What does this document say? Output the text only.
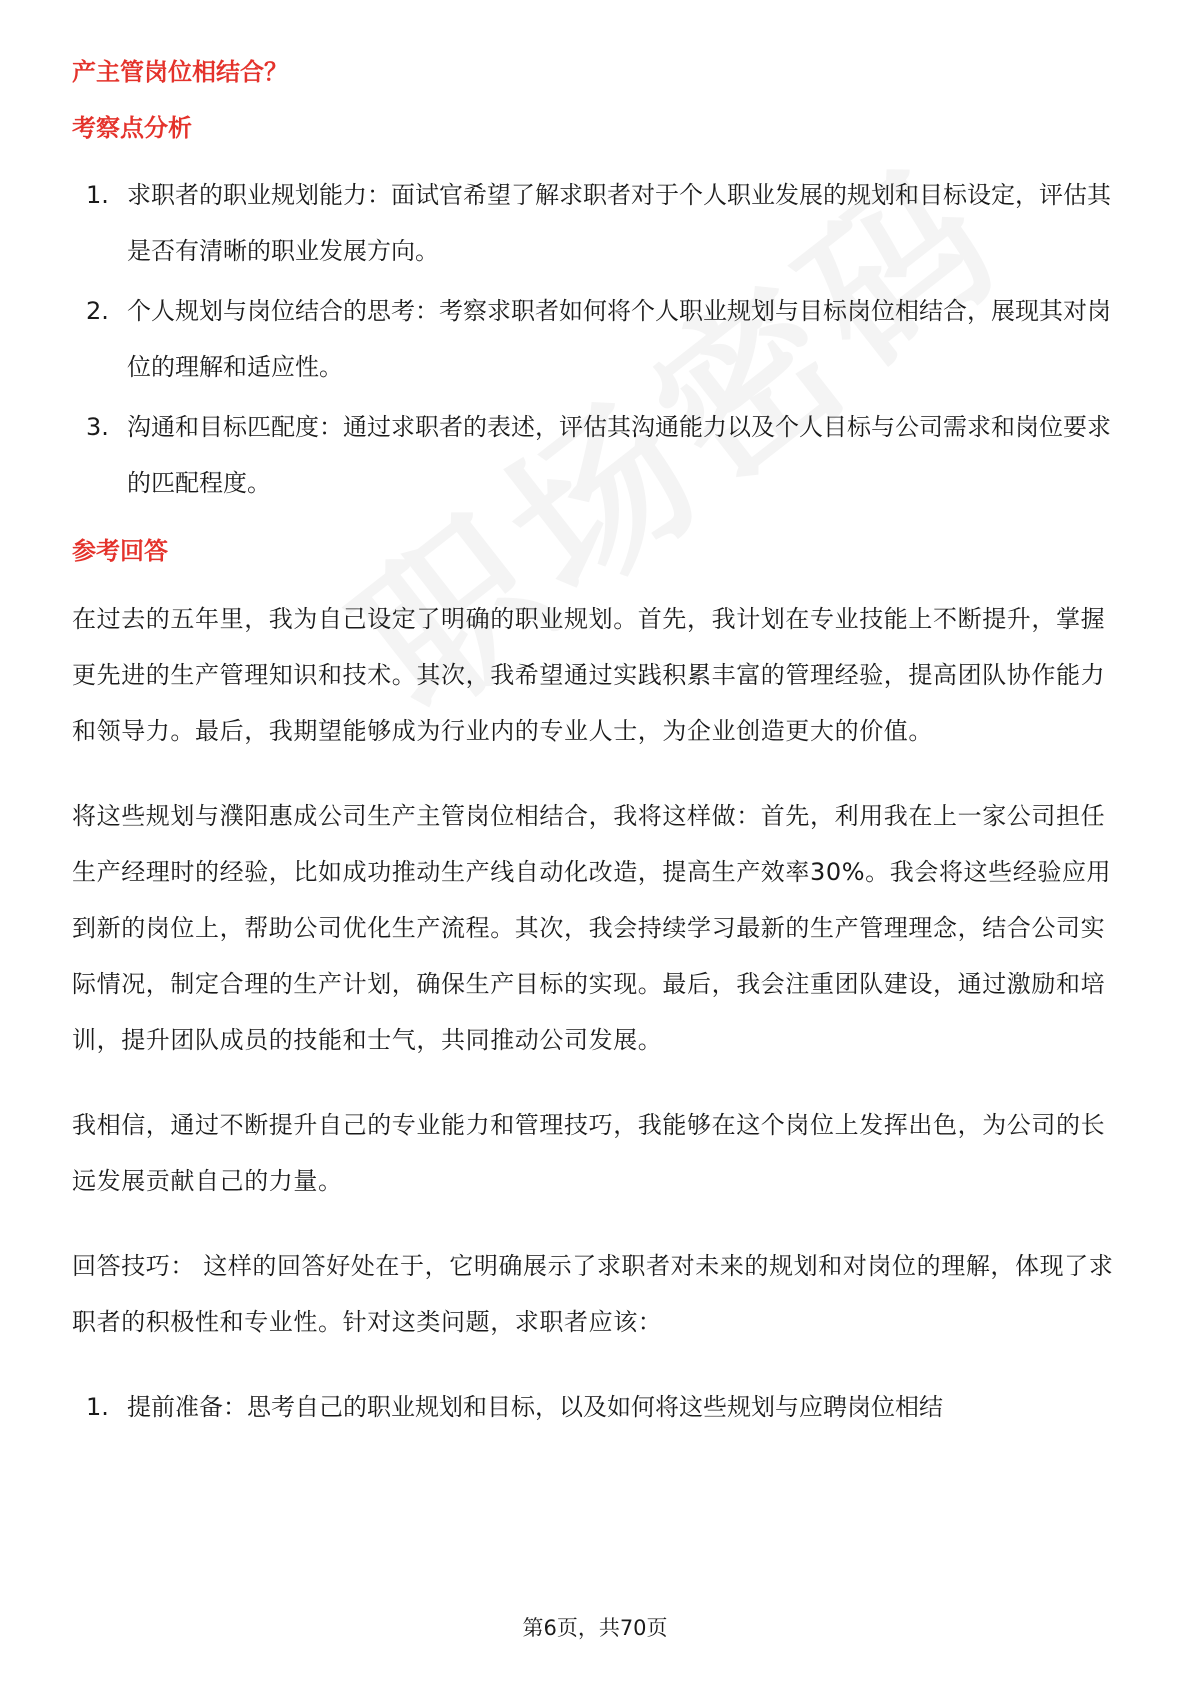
产主管岗位相结合？

考察点分析

1. 求职者的职业规划能力：面试官希望了解求职者对于个人职业发展的规划和目标设定，评估其是否有清晰的职业发展方向。
2. 个人规划与岗位结合的思考：考察求职者如何将个人职业规划与目标岗位相结合，展现其对岗位的理解和适应性。
3. 沟通和目标匹配度：通过求职者的表述，评估其沟通能力以及个人目标与公司需求和岗位要求的匹配程度。

参考回答

在过去的五年里，我为自己设定了明确的职业规划。首先，我计划在专业技能上不断提升，掌握更先进的生产管理知识和技术。其次，我希望通过实践积累丰富的管理经验，提高团队协作能力和领导力。最后，我期望能够成为行业内的专业人士，为企业创造更大的价值。

将这些规划与濮阳惠成公司生产主管岗位相结合，我将这样做：首先，利用我在上一家公司担任生产经理时的经验，比如成功推动生产线自动化改造，提高生产效率30%。我会将这些经验应用到新的岗位上，帮助公司优化生产流程。其次，我会持续学习最新的生产管理理念，结合公司实际情况，制定合理的生产计划，确保生产目标的实现。最后，我会注重团队建设，通过激励和培训，提升团队成员的技能和士气，共同推动公司发展。

我相信，通过不断提升自己的专业能力和管理技巧，我能够在这个岗位上发挥出色，为公司的长远发展贡献自己的力量。

回答技巧： 这样的回答好处在于，它明确展示了求职者对未来的规划和对岗位的理解，体现了求职者的积极性和专业性。针对这类问题，求职者应该：

1. 提前准备：思考自己的职业规划和目标，以及如何将这些规划与应聘岗位相结
第6页，共70页
